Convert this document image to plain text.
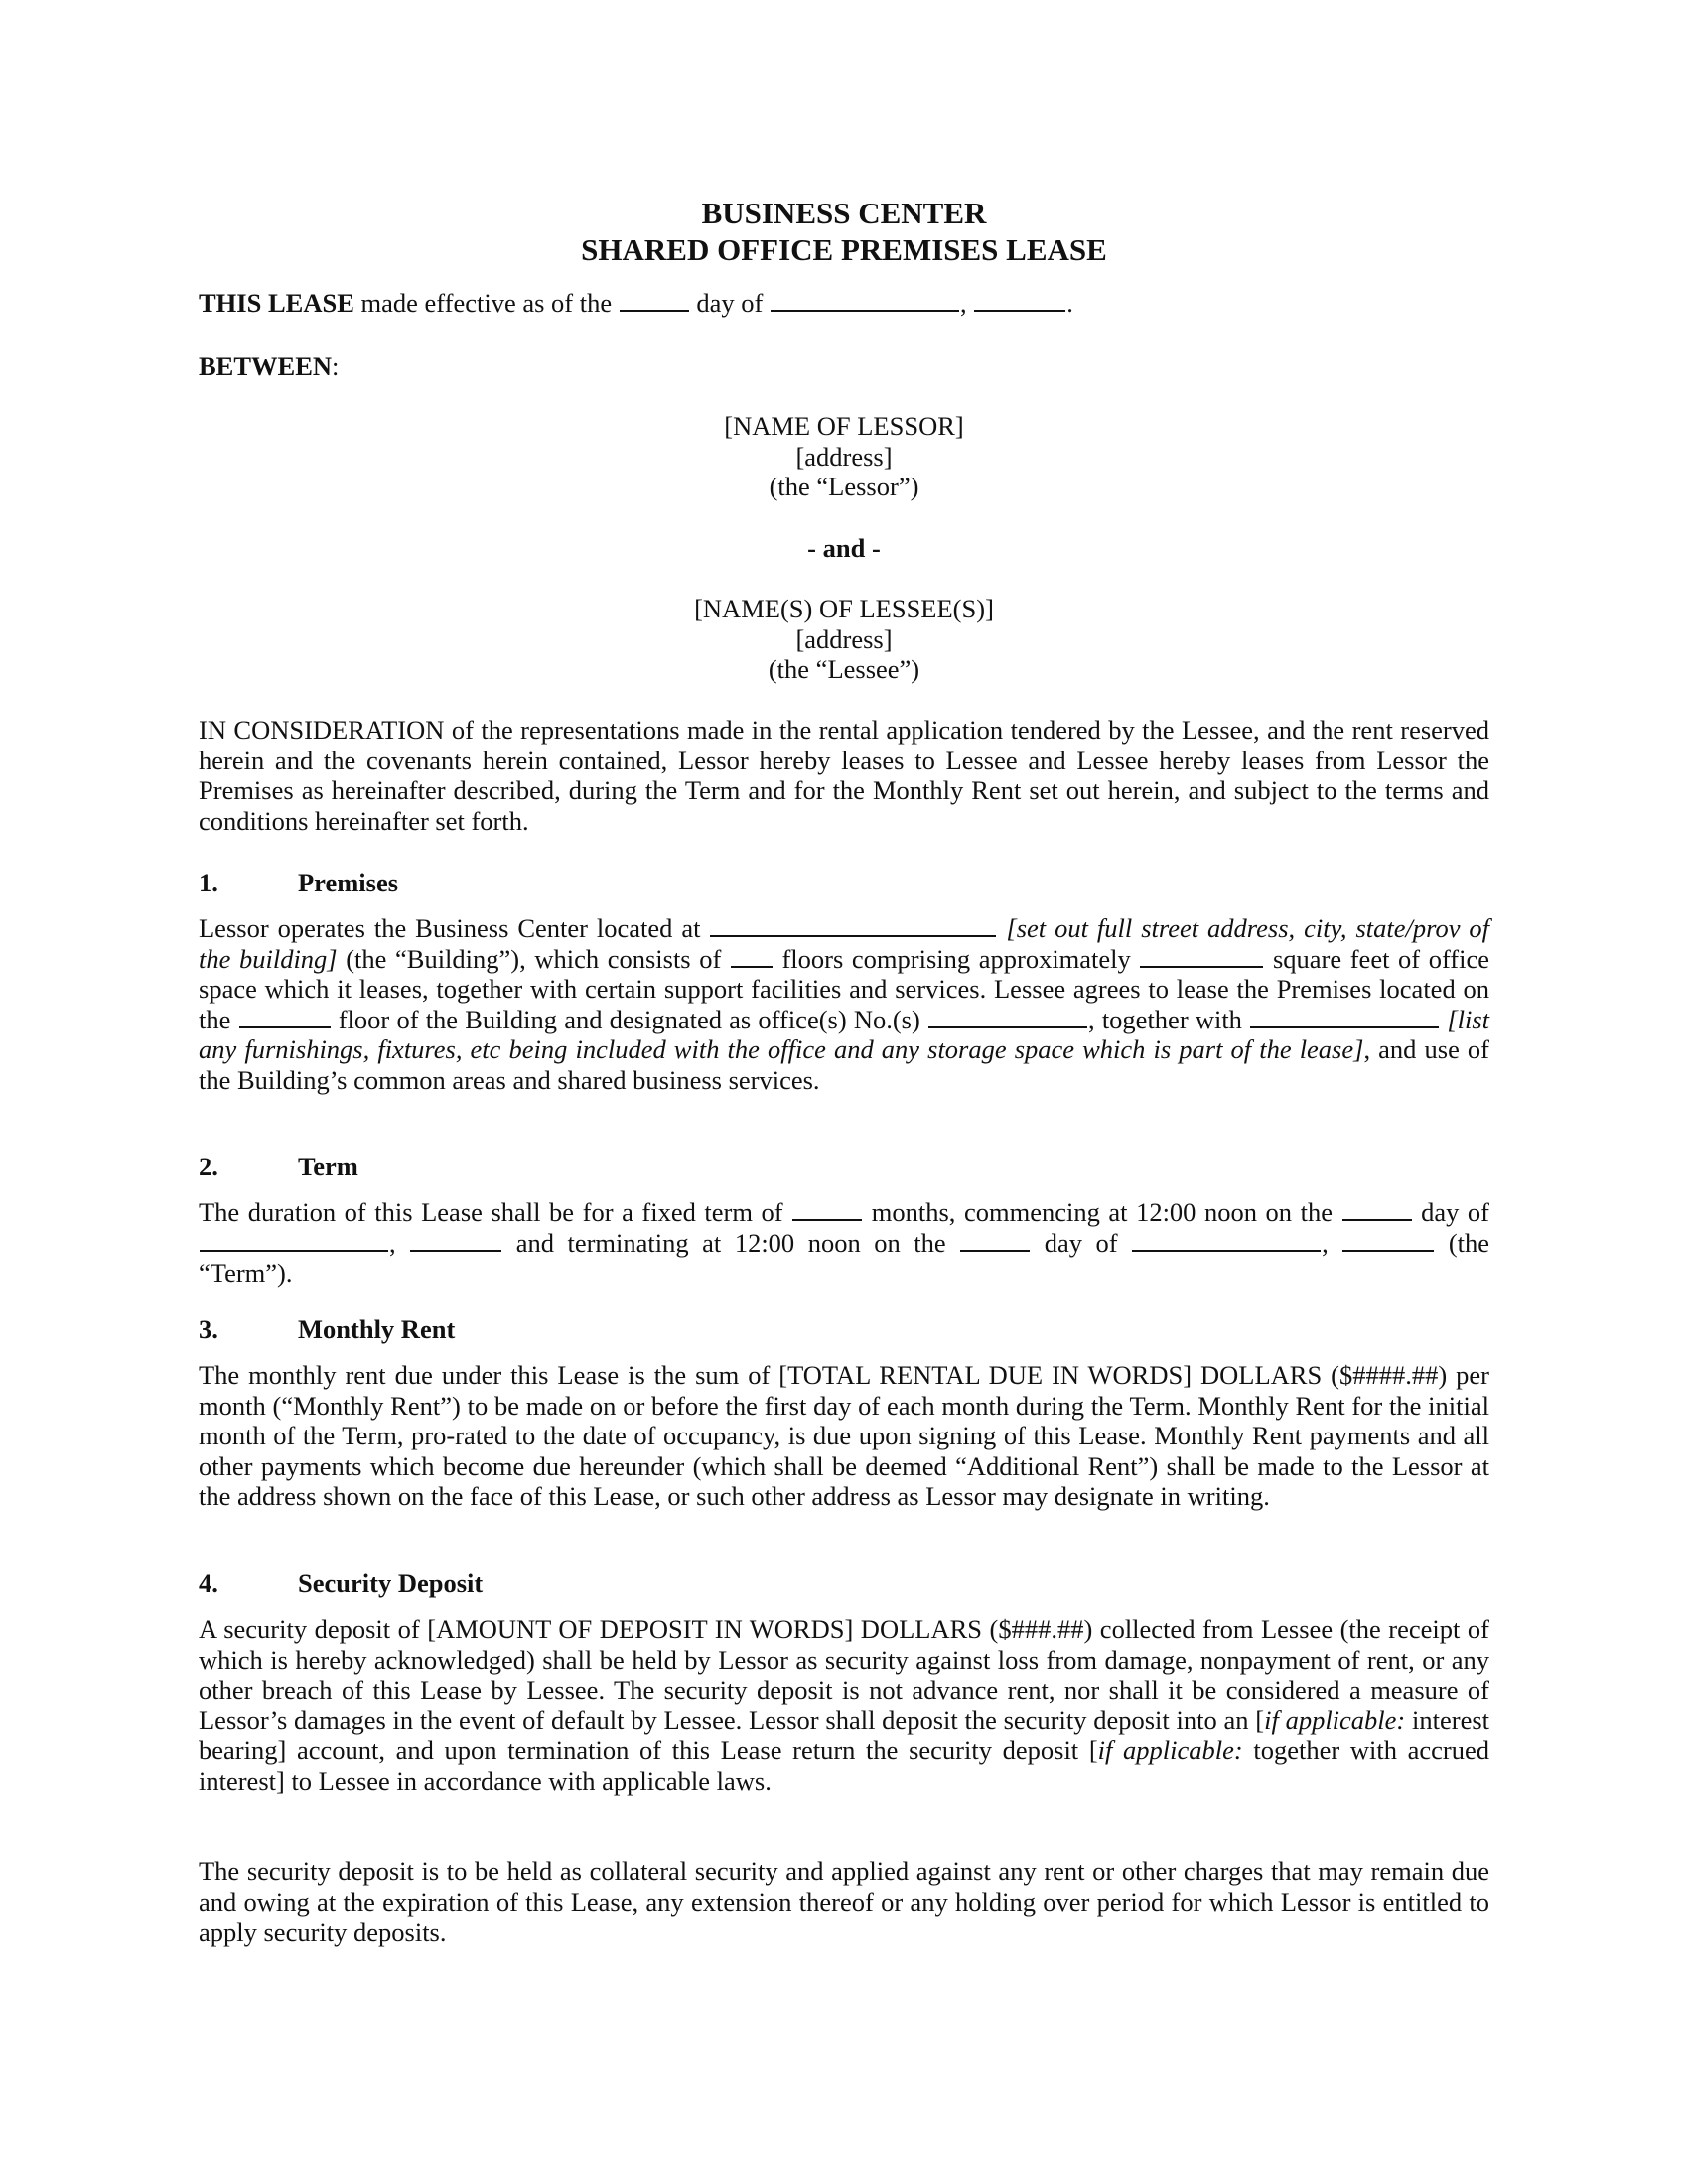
BUSINESS CENTER
SHARED OFFICE PREMISES LEASE
THIS LEASE made effective as of the	day of	,	.
BETWEEN:
[NAME OF LESSOR]
[address]
(the “Lessor”)
- and -
[NAME(S) OF LESSEE(S)]
[address]
(the “Lessee”)
IN CONSIDERATION of the representations made in the rental application tendered by the Lessee, and the rent reserved herein and the covenants herein contained, Lessor hereby leases to Lessee and Lessee hereby leases from Lessor the Premises as hereinafter described, during the Term and for the Monthly Rent set out herein, and subject to the terms and conditions hereinafter set forth.
1.	Premises
Lessor operates the Business Center located at	[set out full street address, city, state/prov of the building] (the “Building”), which consists of floors comprising approximately	square feet of office space which it leases, together with certain support facilities and services. Lessee agrees to lease the Premises located on the	floor of the Building and designated as office(s) No.(s)	, together with	[list any furnishings, fixtures, etc being included with the office and any storage space which is part of the lease], and use of the Building’s common areas and shared business services.
2.	Term
The duration of this Lease shall be for a fixed term of	months, commencing at 12:00 noon on the	day of ,	and terminating at 12:00 noon on the	day of	,	(the “Term”).
3.	Monthly Rent
The monthly rent due under this Lease is the sum of [TOTAL RENTAL DUE IN WORDS] DOLLARS ($####.##) per month (“Monthly Rent”) to be made on or before the first day of each month during the Term. Monthly Rent for the initial month of the Term, pro-rated to the date of occupancy, is due upon signing of this Lease. Monthly Rent payments and all other payments which become due hereunder (which shall be deemed “Additional Rent”) shall be made to the Lessor at the address shown on the face of this Lease, or such other address as Lessor may designate in writing.
4.	Security Deposit
A security deposit of [AMOUNT OF DEPOSIT IN WORDS] DOLLARS ($###.##) collected from Lessee (the receipt of which is hereby acknowledged) shall be held by Lessor as security against loss from damage, nonpayment of rent, or any other breach of this Lease by Lessee. The security deposit is not advance rent, nor shall it be considered a measure of Lessor’s damages in the event of default by Lessee. Lessor shall deposit the security deposit into an [if applicable: interest bearing] account, and upon termination of this Lease return the security deposit [if applicable: together with accrued interest] to Lessee in accordance with applicable laws.
The security deposit is to be held as collateral security and applied against any rent or other charges that may remain due and owing at the expiration of this Lease, any extension thereof or any holding over period for which Lessor is entitled to apply security deposits.
